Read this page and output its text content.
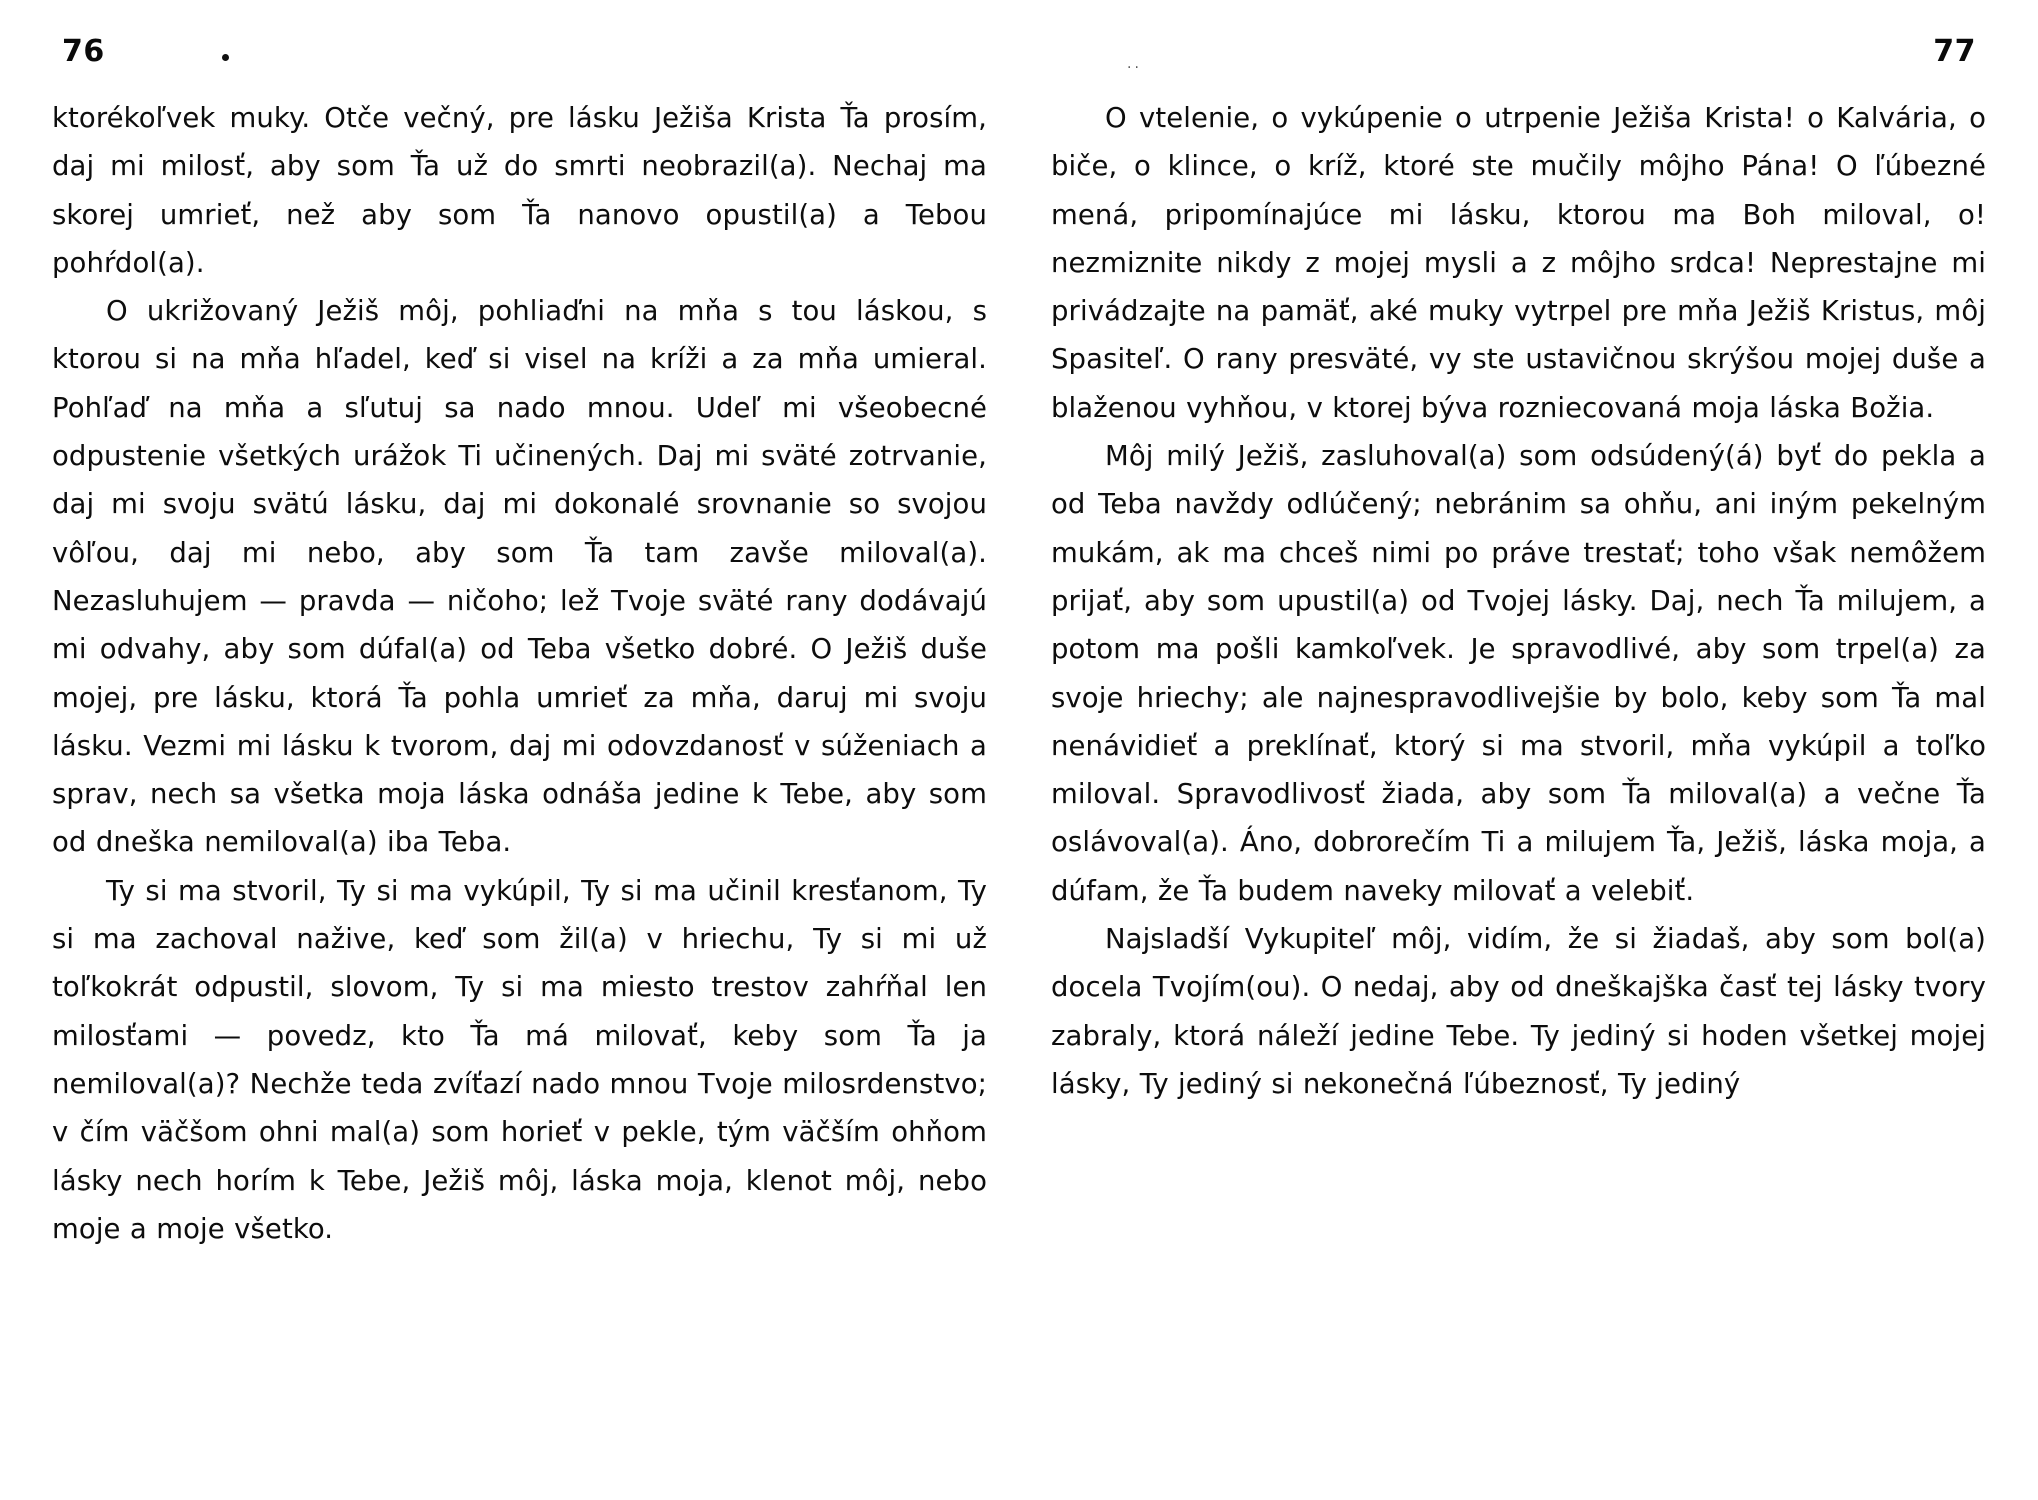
76	··	77

ktorékoľvek muky. Otče večný, pre lásku Ježiša Krista Ťa prosím, daj mi milosť, aby som Ťa už do smrti neobrazil(a). Nechaj ma skorej umrieť, než aby som Ťa nanovo opustil(a) a Tebou pohŕdol(a).

O ukrižovaný Ježiš môj, pohliaďni na mňa s tou láskou, s ktorou si na mňa hľadel, keď si visel na kríži a za mňa umieral. Pohľaď na mňa a sľutuj sa nado mnou. Udeľ mi všeobecné odpustenie všetkých urážok Ti učinených. Daj mi sväté zotrvanie, daj mi svoju svätú lásku, daj mi dokonalé srovnanie so svojou vôľou, daj mi nebo, aby som Ťa tam zavše miloval(a). Nezasluhujem — pravda — ničoho; lež Tvoje sväté rany dodávajú mi odvahy, aby som dúfal(a) od Teba všetko dobré. O Ježiš duše mojej, pre lásku, ktorá Ťa pohla umrieť za mňa, daruj mi svoju lásku. Vezmi mi lásku k tvorom, daj mi odovzdanosť v súženiach a sprav, nech sa všetka moja láska odnáša jedine k Tebe, aby som od dneška nemiloval(a) iba Teba.

Ty si ma stvoril, Ty si ma vykúpil, Ty si ma učinil kresťanom, Ty si ma zachoval nažive, keď som žil(a) v hriechu, Ty si mi už toľkokrát odpustil, slovom, Ty si ma miesto trestov zahŕňal len milosťami — povedz, kto Ťa má milovať, keby som Ťa ja nemiloval(a)? Nechže teda zvíťazí nado mnou Tvoje milosrdenstvo; v čím väčšom ohni mal(a) som horieť v pekle, tým väčším ohňom lásky nech horím k Tebe, Ježiš môj, láska moja, klenot môj, nebo moje a moje všetko.

O vtelenie, o vykúpenie o utrpenie Ježiša Krista! o Kalvária, o biče, o klince, o kríž, ktoré ste mučily môjho Pána! O ľúbezné mená, pripomínajúce mi lásku, ktorou ma Boh miloval, o! nezmiznite nikdy z mojej mysli a z môjho srdca! Neprestajne mi privádzajte na pamäť, aké muky vytrpel pre mňa Ježiš Kristus, môj Spasiteľ. O rany presväté, vy ste ustavičnou skrýšou mojej duše a blaženou vyhňou, v ktorej býva rozniecovaná moja láska Božia.

Môj milý Ježiš, zasluhoval(a) som odsúdený(á) byť do pekla a od Teba navždy odlúčený; nebránim sa ohňu, ani iným pekelným mukám, ak ma chceš nimi po práve trestať; toho však nemôžem prijať, aby som upustil(a) od Tvojej lásky. Daj, nech Ťa milujem, a potom ma pošli kamkoľvek. Je spravodlivé, aby som trpel(a) za svoje hriechy; ale najnespravodlivejšie by bolo, keby som Ťa mal nenávidieť a preklínať, ktorý si ma stvoril, mňa vykúpil a toľko miloval. Spravodlivosť žiada, aby som Ťa miloval(a) a večne Ťa oslávoval(a). Áno, dobrorečím Ti a milujem Ťa, Ježiš, láska moja, a dúfam, že Ťa budem naveky milovať a velebiť.

Najsladší Vykupiteľ môj, vidím, že si žiadaš, aby som bol(a) docela Tvojím(ou). O nedaj, aby od dneškajška časť tej lásky tvory zabraly, ktorá náleží jedine Tebe. Ty jediný si hoden všetkej mojej lásky, Ty jediný si nekonečná ľúbeznosť, Ty jediný
